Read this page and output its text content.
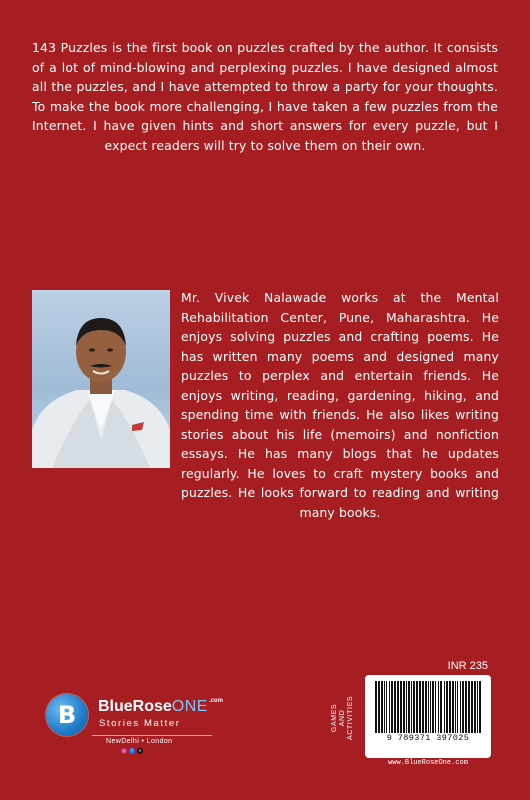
143 Puzzles is the first book on puzzles crafted by the author. It consists of a lot of mind-blowing and perplexing puzzles. I have designed almost all the puzzles, and I have attempted to throw a party for your thoughts. To make the book more challenging, I have taken a few puzzles from the Internet. I have given hints and short answers for every puzzle, but I expect readers will try to solve them on their own.
Mr. Vivek Nalawade works at the Mental Rehabilitation Center, Pune, Maharashtra. He enjoys solving puzzles and crafting poems. He has written many poems and designed many puzzles to perplex and entertain friends. He enjoys writing, reading, gardening, hiking, and spending time with friends. He also likes writing stories about his life (memoirs) and nonfiction essays. He has many blogs that he updates regularly. He loves to craft mystery books and puzzles. He looks forward to reading and writing many books.
B	BlueRoseONE$^{.com}$
Stories Matter
NewDelhi • London
◎	f	✕
INR 235
GAMES AND ACTIVITIES	9 789371 397025
www.BlueRoseOne.com
